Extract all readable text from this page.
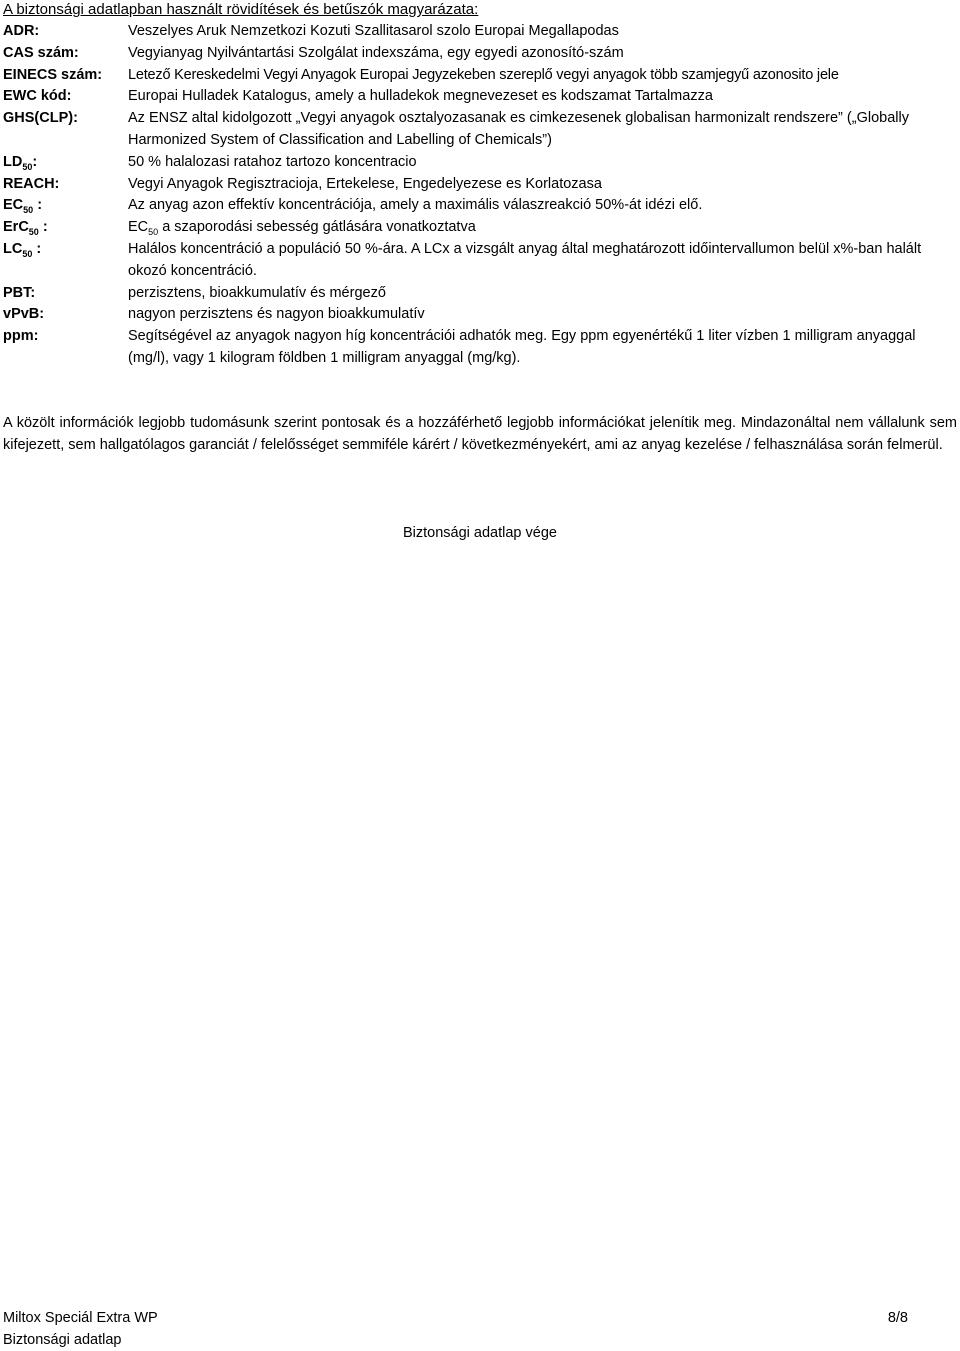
A biztonsági adatlapban használt rövidítések és betűszók magyarázata:
ADR:	Veszelyes Aruk Nemzetkozi Kozuti Szallitasarol szolo Europai Megallapodas
CAS szám:	Vegyianyag Nyilvántartási Szolgálat indexszáma, egy egyedi azonosító-szám
EINECS szám:	Letező Kereskedelmi Vegyi Anyagok Europai Jegyzekeben szereplő vegyi anyagok több szamjegyű azonosito jele
EWC kód:	Europai Hulladek Katalogus, amely a hulladekok megnevezeset es kodszamat Tartalmazza
GHS(CLP):	Az ENSZ altal kidolgozott „Vegyi anyagok osztalyozasanak es cimkezesenek globalisan harmonizalt rendszere” („Globally Harmonized System of Classification and Labelling of Chemicals”)
$LD_{50}$:	50 % halalozasi ratahoz tartozo koncentracio
REACH:	Vegyi Anyagok Regisztracioja, Ertekelese, Engedelyezese es Korlatozasa
$EC_{50}$ :	Az anyag azon effektív koncentrációja, amely a maximális válaszreakció 50%-át idézi elő.
ErC$_{50}$ :	$EC_{50}$ a szaporodási sebesség gátlására vonatkoztatva
$LC_{50}$ :	Halálos koncentráció a populáció 50 %-ára. A LCx a vizsgált anyag által meghatározott időintervallumon belül x%-ban halált okozó koncentráció.
PBT:	perzisztens, bioakkumulatív és mérgező
vPvB:	nagyon perzisztens és nagyon bioakkumulatív
ppm:	Segítségével az anyagok nagyon híg koncentrációi adhatók meg. Egy ppm egyenértékű 1 liter vízben 1 milligram anyaggal (mg/l), vagy 1 kilogram földben 1 milligram anyaggal (mg/kg).
A közölt információk legjobb tudomásunk szerint pontosak és a hozzáférhető legjobb információkat jelenítik meg. Mindazonáltal nem vállalunk sem kifejezett, sem hallgatólagos garanciát / felelősséget semmiféle kárért / következményekért, ami az anyag kezelése / felhasználása során felmerül.
Biztonsági adatlap vége
Miltox Speciál Extra WP
Biztonsági adatlap
8/8
